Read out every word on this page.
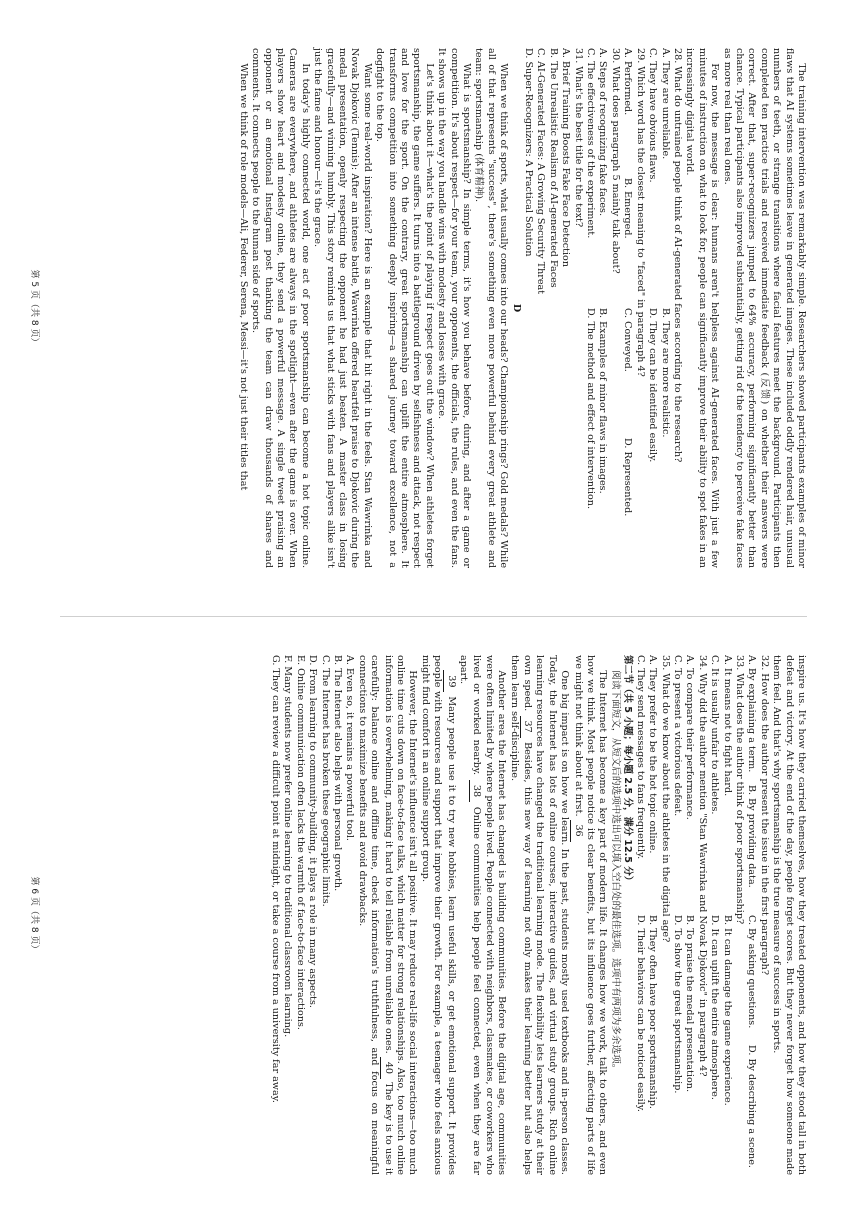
The training intervention was remarkably simple. Researchers showed participants examples of minor flaws that AI systems sometimes leave in generated images. These included oddly rendered hair, unusual numbers of teeth, or strange transitions where facial features meet the background. Participants then completed ten practice trials and received immediate feedback (反馈) on whether their answers were correct. After that, super-recognizers jumped to 64% accuracy, performing significantly better than chance. Typical participants also improved substantially, getting rid of the tendency to perceive fake faces as more real than real ones.

For now, the message is clear: humans aren't helpless against AI-generated faces. With just a few minutes of instruction on what to look for, people can significantly improve their ability to spot fakes in an increasingly digital world.

28. What do untrained people think of AI-generated faces according to the research?

A. They are unreliable.
B. They are more realistic.
C. They have obvious flaws.
D. They can be identified easily.

29. Which word has the closest meaning to "faced" in paragraph 4?

A. Performed.
B. Emerged.
C. Conveyed.
D. Represented.

30. What does paragraph 5 mainly talk about?

A. Steps of recognizing fake faces.
B. Examples of minor flaws in images.
C. The effectiveness of the experiment.
D. The method and effect of intervention.

31. What's the best title for the text?

A. Brief Training Boosts Fake Face Detection

B. The Unrealistic Realism of AI-generated Faces

C. AI-Generated Faces: A Growing Security Threat

D. Super-Recognizers: A Practical Solution

D

When we think of sports, what usually comes into our heads? Championship rings? Gold medals? While all of that represents "success", there's something even more powerful behind every great athlete and team: sportsmanship (体育精神).

What is sportsmanship? In simple terms, it's how you behave before, during, and after a game or competition. It's about respect—for your team, your opponents, the officials, the rules, and even the fans. It shows up in the way you handle wins with modesty and losses with grace.

Let's think about it—what's the point of playing if respect goes out the window? When athletes forget sportsmanship, the game suffers. It turns into a battleground driven by selfishness and attack, not respect and love for the sport. On the contrary, great sportsmanship can uplift the entire atmosphere. It transforms competition into something deeply inspiring—a shared journey toward excellence, not a dogfight to the top.

Want some real-world inspiration? Here is an example that hit right in the feels. Stan Wawrinka and Novak Djokovic (Tennis): After an intense battle, Wawrinka offered heartfelt praise to Djokovic during the medal presentation, openly respecting the opponent he had just beaten. A master class in losing gracefully—and winning humbly. This story reminds us that what sticks with fans and players alike isn't just the fame and honour—it's the grace.

In today's highly connected world, one act of poor sportsmanship can become a hot topic online. Cameras are everywhere, and athletes are always in the spotlight—even after the game is over. When players show heart and modesty online, they send a powerful message. A single tweet praising an opponent or an emotional Instagram post thanking the team can draw thousands of shares and comments. It connects people to the human side of sports.

When we think of role models—Ali, Federer, Serena, Messi—it's not just their titles that

第 5 页（共 8 页）

inspire us. It's how they carried themselves, how they treated opponents, and how they stood tall in both defeat and victory. At the end of the day, people forget scores. But they never forget how someone made them feel. And that's why sportsmanship is the true measure of success in sports.

32. How does the author present the issue in the first paragraph?

A. By explaining a term.
B. By providing data.
C. By asking questions.
D. By describing a scene.

33. What does the author think of poor sportsmanship?

A. It means not to fight hard.
B. It can damage the game experience.
C. It is usually unfair to athletes.
D. It can uplift the entire atmosphere.

34. Why did the author mention "Stan Wawrinka and Novak Djokovic" in paragraph 4?

A. To compare their performance.
B. To praise the medal presentation.
C. To present a victorious defeat.
D. To show the great sportsmanship.

35. What do we know about the athletes in the digital age?

A. They prefer to be the hot topic online.
B. They often have poor sportsmanship.
C. They send messages to fans frequently.
D. Their behaviors can be noticed easily.

第二节（共 5 小题；每小题 2.5 分，满分 12.5 分）

阅读下面短文，从短文后的选项中选出可以填入空白处的最佳选项。选项中有两项为多余选项。

The Internet has become a key part of modern life. It changes how we work, talk to others, and even how we think. Most people notice its clear benefits, but its influence goes further, affecting parts of life we might not think about at first. 36

One big impact is on how we learn. In the past, students mostly used textbooks and in-person classes. Today, the Internet has lots of online courses, interactive guides, and virtual study groups. Rich online learning resources have changed the traditional learning mode. The flexibility lets learners study at their own speed. 37 Besides, this new way of learning not only makes their learning better but also helps them learn self-discipline.

Another area the Internet has changed is building communities. Before the digital age, communities were often limited by where people lived. People connected with neighbors, classmates, or coworkers who lived or worked nearby. 38 Online communities help people feel connected, even when they are far apart.

39 Many people use it to try new hobbies, learn useful skills, or get emotional support. It provides people with resources and support that improve their growth. For example, a teenager who feels anxious might find comfort in an online support group.

However, the Internet's influence isn't all positive. It may reduce real-life social interactions—too much online time cuts down on face-to-face talks, which matter for strong relationships. Also, too much online information is overwhelming, making it hard to tell reliable from unreliable ones. 40 The key is to use it carefully: balance online and offline time, check information's truthfulness, and focus on meaningful connections to maximize benefits and avoid drawbacks.

A. Even so, it remains a powerful tool.

B. The Internet also helps with personal growth.

C. The Internet has broken these geographic limits.

D. From learning to community-building, it plays a role in many aspects.

E. Online communication often lacks the warmth of face-to-face interactions.

F. Many students now prefer online learning to traditional classroom learning.

G. They can review a difficult point at midnight, or take a course from a university far away.

第 6 页（共 8 页）
